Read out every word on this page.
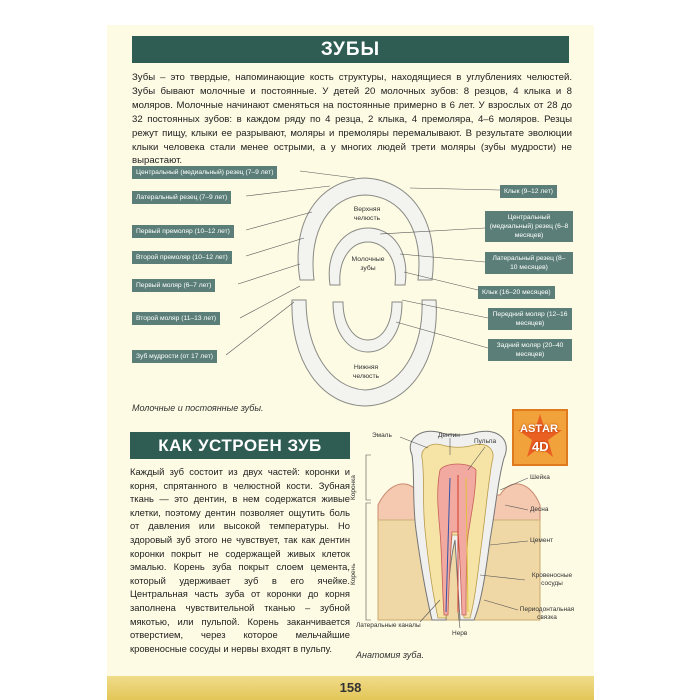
ЗУБЫ

Зубы – это твердые, напоминающие кость структуры, находящиеся в углублениях челюстей. Зубы бывают молочные и постоянные. У детей 20 молочных зубов: 8 резцов, 4 клыка и 8 моляров. Молочные начинают сменяться на постоянные примерно в 6 лет. У взрослых от 28 до 32 постоянных зубов: в каждом ряду по 4 резца, 2 клыка, 4 премоляра, 4–6 моляров. Резцы режут пищу, клыки ее разрывают, моляры и премоляры перемалывают. В результате эволюции клыки человека стали менее острыми, а у многих людей трети моляры (зубы мудрости) не вырастают.

Центральный (медиальный) резец (7–9 лет)
Латеральный резец (7–9 лет)
Первый премоляр (10–12 лет)
Второй премоляр (10–12 лет)
Первый моляр (6–7 лет)
Второй моляр (11–13 лет)
Зуб мудрости (от 17 лет)
Клык (9–12 лет)
Центральный (медиальный) резец (6–8 месяцев)
Латеральный резец (8–10 месяцев)
Клык (16–20 месяцев)
Передний моляр (12–16 месяцев)
Задний моляр (20–40 месяцев)
Верхняя челюсть
Молочные зубы
Нижняя челюсть
Молочные и постоянные зубы.
КАК УСТРОЕН ЗУБ

Каждый зуб состоит из двух частей: коронки и корня, спрятанного в челюстной кости. Зубная ткань — это дентин, в нем содержатся живые клетки, поэтому дентин позволяет ощутить боль от давления или высокой температуры. Но здоровый зуб этого не чувствует, так как дентин коронки покрыт не содержащей живых клеток эмалью. Корень зуба покрыт слоем цемента, который удерживает зуб в его ячейке. Центральная часть зуба от коронки до корня заполнена чувствительной тканью – зубной мякотью, или пульпой. Корень заканчивается отверстием, через которое мельчайшие кровеносные сосуды и нервы входят в пульпу.

AST AR
4D
Эмаль	Дентин
Пульпа
Шейка
Десна
Цемент
Кровеносные сосуды
Периодонтальная связка
Нерв
Латеральные каналы
Коронка
Корень
Анатомия зуба.
158
